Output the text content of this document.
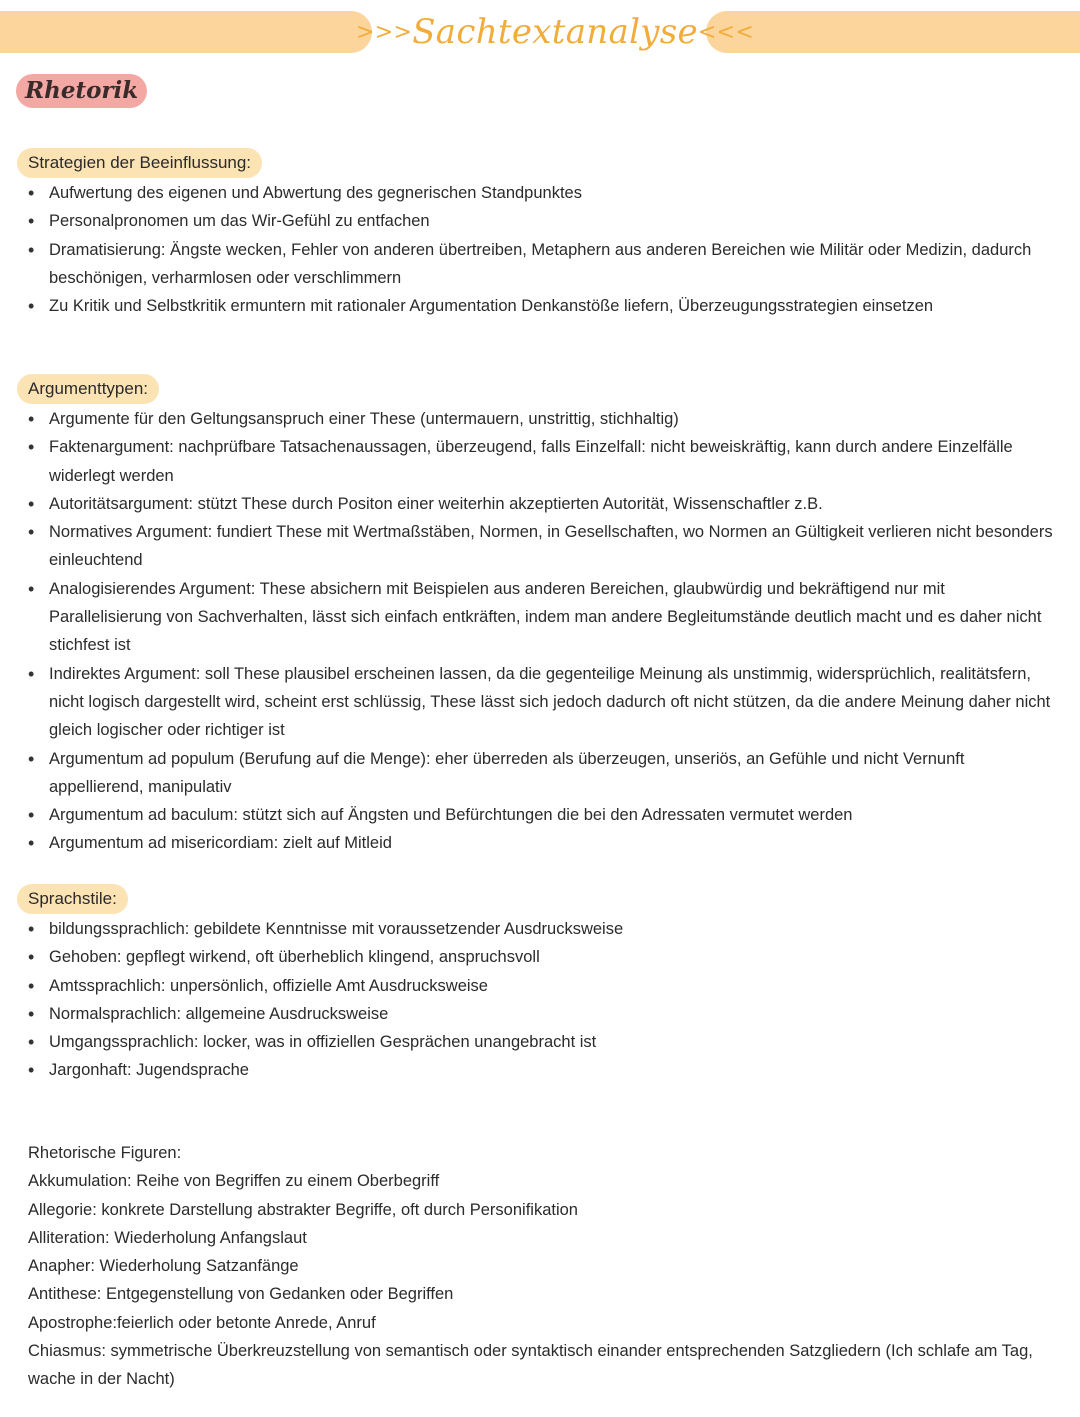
>>>Sachtextanalyse<<<
Rhetorik
Strategien der Beeinflussung:
• Aufwertung des eigenen und Abwertung des gegnerischen Standpunktes
• Personalpronomen um das Wir-Gefühl zu entfachen
• Dramatisierung: Ängste wecken, Fehler von anderen übertreiben, Metaphern aus anderen Bereichen wie Militär oder Medizin, dadurch beschönigen, verharmlosen oder verschlimmern
• Zu Kritik und Selbstkritik ermuntern mit rationaler Argumentation Denkanstöße liefern, Überzeugungsstrategien einsetzen
Argumenttypen:
• Argumente für den Geltungsanspruch einer These (untermauern, unstrittig, stichhaltig)
• Faktenargument: nachprüfbare Tatsachenaussagen, überzeugend, falls Einzelfall: nicht beweiskräftig, kann durch andere Einzelfälle widerlegt werden
• Autoritätsargument: stützt These durch Positon einer weiterhin akzeptierten Autorität, Wissenschaftler z.B.
• Normatives Argument: fundiert These mit Wertmaßstäben, Normen, in Gesellschaften, wo Normen an Gültigkeit verlieren nicht besonders einleuchtend
• Analogisierendes Argument: These absichern mit Beispielen aus anderen Bereichen, glaubwürdig und bekräftigend nur mit Parallelisierung von Sachverhalten, lässt sich einfach entkräften, indem man andere Begleitumstände deutlich macht und es daher nicht stichfest ist
• Indirektes Argument: soll These plausibel erscheinen lassen, da die gegenteilige Meinung als unstimmig, widersprüchlich, realitätsfern, nicht logisch dargestellt wird, scheint erst schlüssig, These lässt sich jedoch dadurch oft nicht stützen, da die andere Meinung daher nicht gleich logischer oder richtiger ist
• Argumentum ad populum (Berufung auf die Menge): eher überreden als überzeugen, unseriös, an Gefühle und nicht Vernunft appellierend, manipulativ
• Argumentum ad baculum: stützt sich auf Ängsten und Befürchtungen die bei den Adressaten vermutet werden
• Argumentum ad misericordiam: zielt auf Mitleid
Sprachstile:
• bildungssprachlich: gebildete Kenntnisse mit voraussetzender Ausdrucksweise
• Gehoben: gepflegt wirkend, oft überheblich klingend, anspruchsvoll
• Amtssprachlich: unpersönlich, offizielle Amt Ausdrucksweise
• Normalsprachlich: allgemeine Ausdrucksweise
• Umgangssprachlich: locker, was in offiziellen Gesprächen unangebracht ist
• Jargonhaft: Jugendsprache
Rhetorische Figuren:
Akkumulation: Reihe von Begriffen zu einem Oberbegriff
Allegorie: konkrete Darstellung abstrakter Begriffe, oft durch Personifikation
Alliteration: Wiederholung Anfangslaut
Anapher: Wiederholung Satzanfänge
Antithese: Entgegenstellung von Gedanken oder Begriffen
Apostrophe:feierlich oder betonte Anrede, Anruf
Chiasmus: symmetrische Überkreuzstellung von semantisch oder syntaktisch einander entsprechenden Satzgliedern (Ich schlafe am Tag, wache in der Nacht)
